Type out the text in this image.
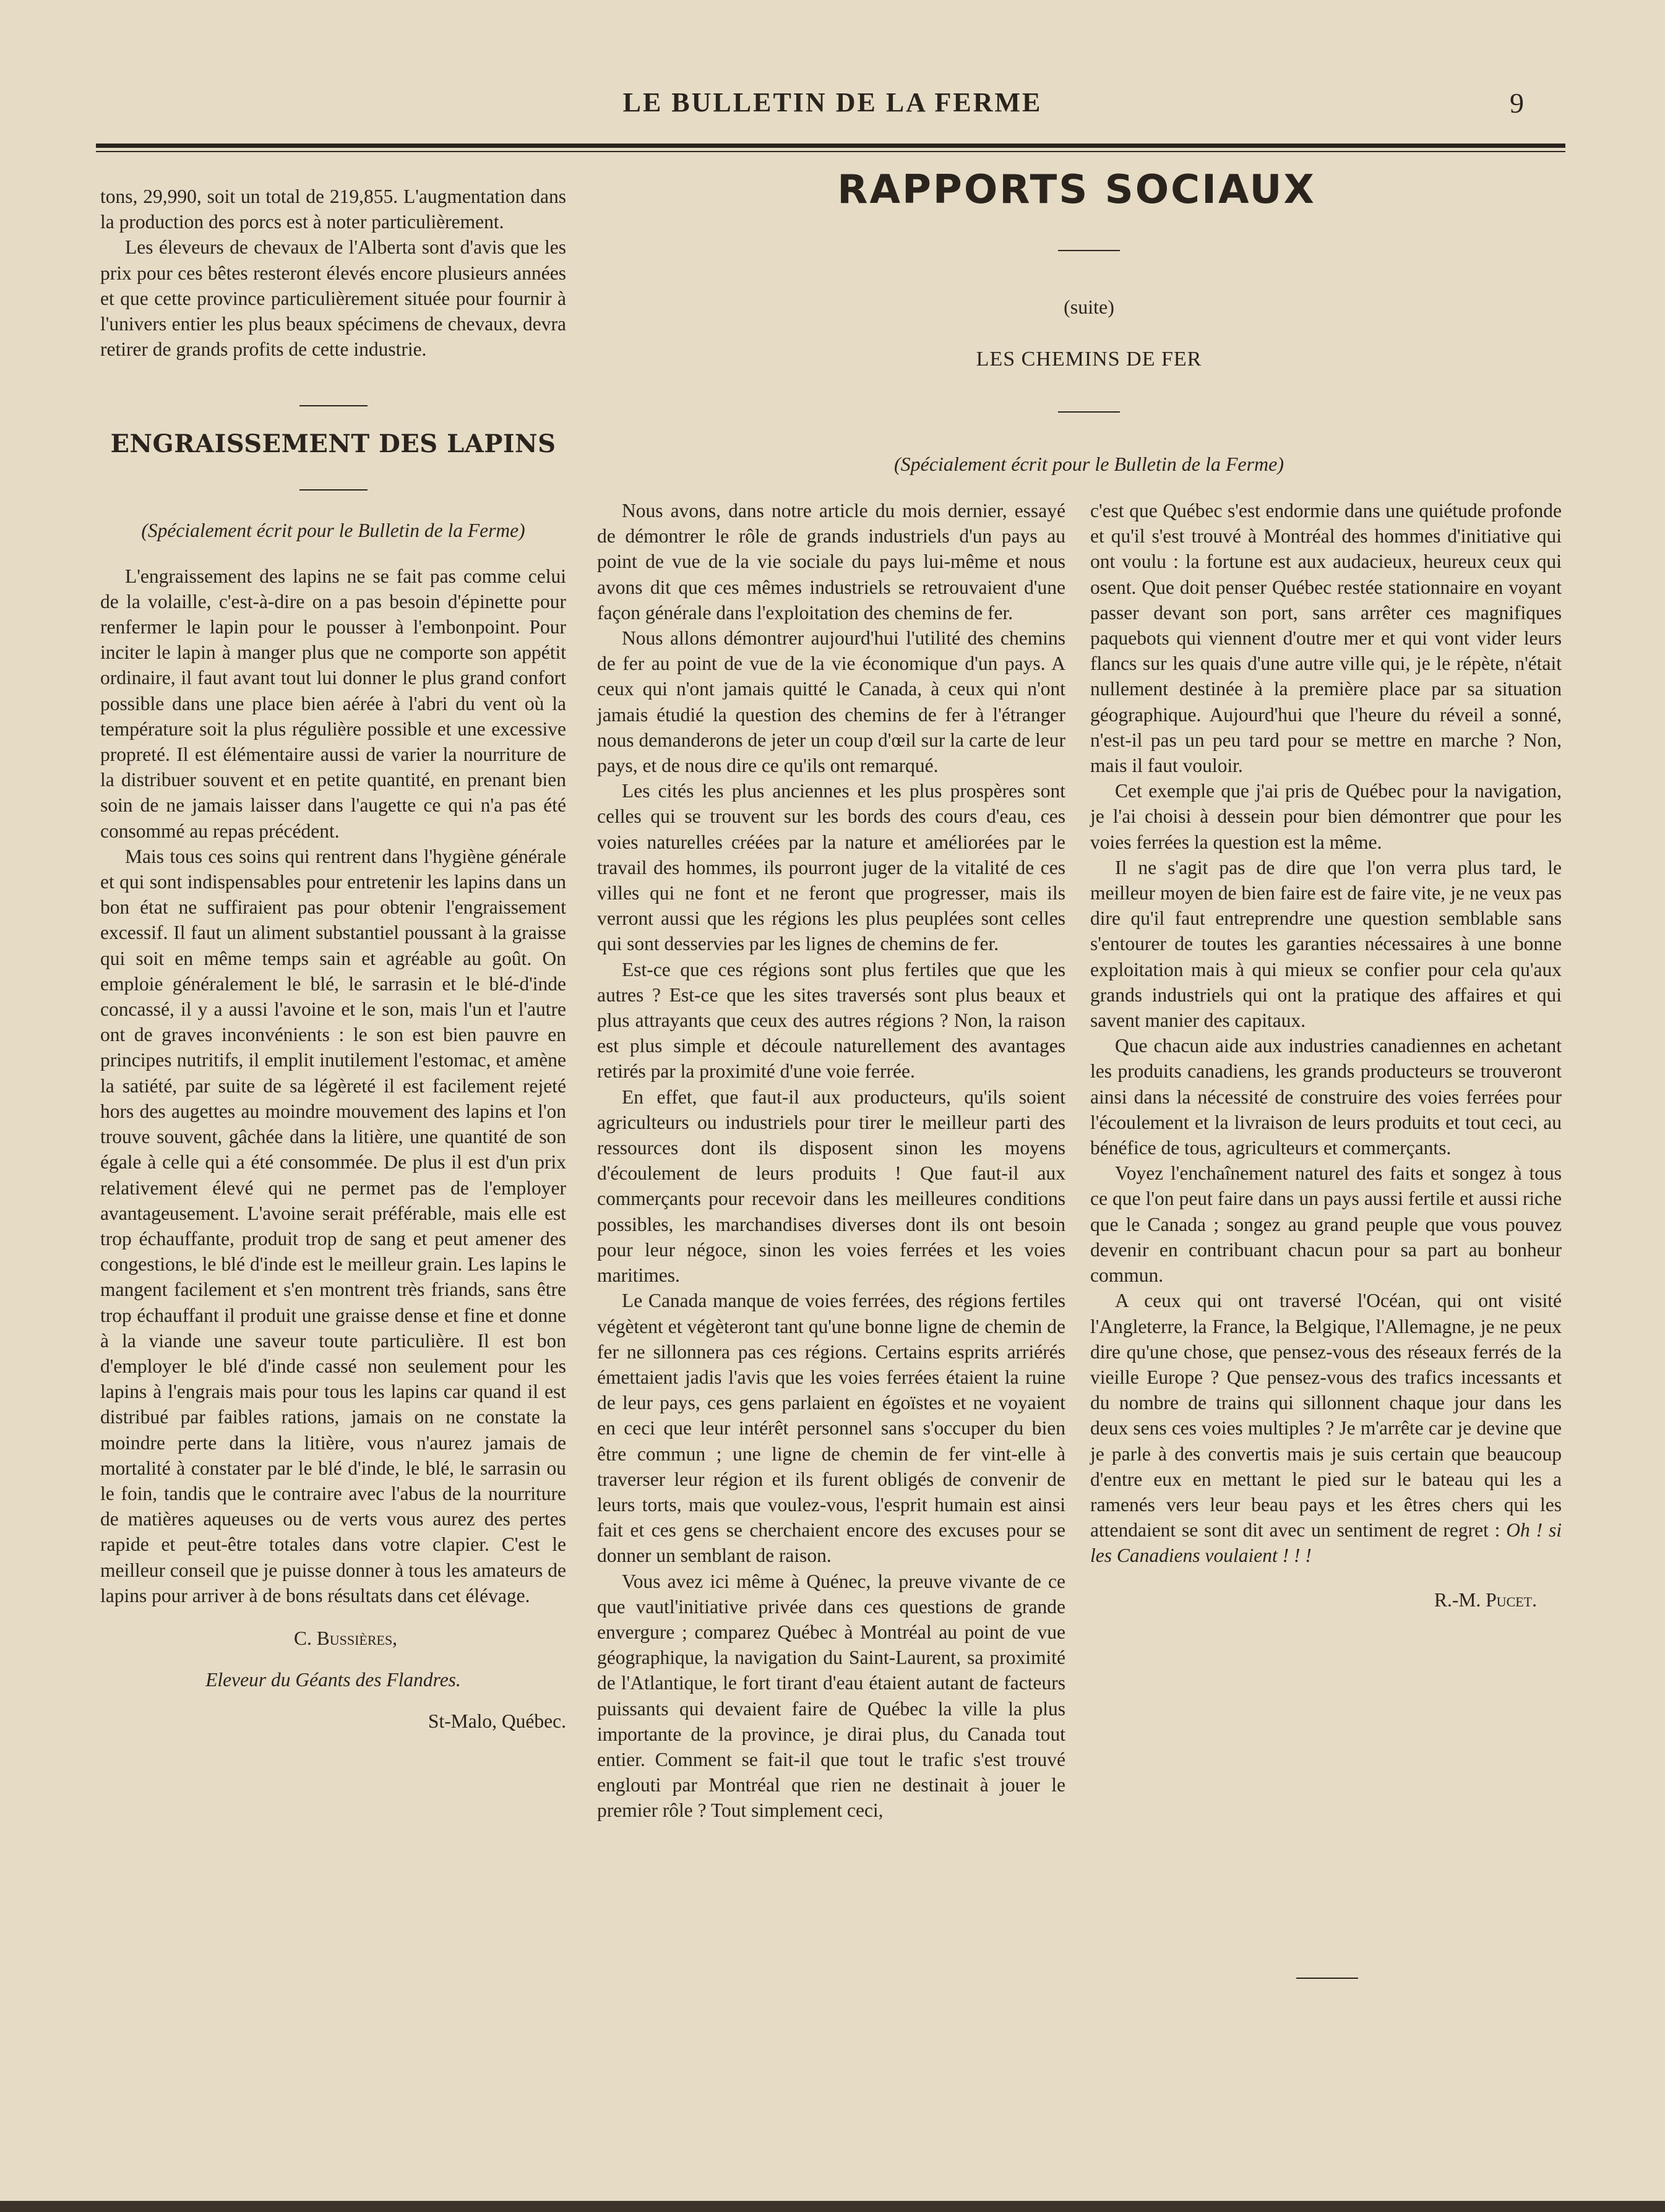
LE BULLETIN DE LA FERME	9

tons, 29,990, soit un total de 219,855. L'augmentation dans la production des porcs est à noter particulièrement.

Les éleveurs de chevaux de l'Alberta sont d'avis que les prix pour ces bêtes resteront élevés encore plusieurs années et que cette province particulièrement située pour fournir à l'univers entier les plus beaux spécimens de chevaux, devra retirer de grands profits de cette industrie.

ENGRAISSEMENT DES LAPINS

(Spécialement écrit pour le Bulletin de la Ferme)

L'engraissement des lapins ne se fait pas comme celui de la volaille, c'est-à-dire on a pas besoin d'épinette pour renfermer le lapin pour le pousser à l'embonpoint. Pour inciter le lapin à manger plus que ne comporte son appétit ordinaire, il faut avant tout lui donner le plus grand confort possible dans une place bien aérée à l'abri du vent où la température soit la plus régulière possible et une excessive propreté. Il est élémentaire aussi de varier la nourriture de la distribuer souvent et en petite quantité, en prenant bien soin de ne jamais laisser dans l'augette ce qui n'a pas été consommé au repas précédent.

Mais tous ces soins qui rentrent dans l'hygiène générale et qui sont indispensables pour entretenir les lapins dans un bon état ne suffiraient pas pour obtenir l'engraissement excessif. Il faut un aliment substantiel poussant à la graisse qui soit en même temps sain et agréable au goût. On emploie généralement le blé, le sarrasin et le blé-d'inde concassé, il y a aussi l'avoine et le son, mais l'un et l'autre ont de graves inconvénients : le son est bien pauvre en principes nutritifs, il emplit inutilement l'estomac, et amène la satiété, par suite de sa légèreté il est facilement rejeté hors des augettes au moindre mouvement des lapins et l'on trouve souvent, gâchée dans la litière, une quantité de son égale à celle qui a été consommée. De plus il est d'un prix relativement élevé qui ne permet pas de l'employer avantageusement. L'avoine serait préférable, mais elle est trop échauffante, produit trop de sang et peut amener des congestions, le blé d'inde est le meilleur grain. Les lapins le mangent facilement et s'en montrent très friands, sans être trop échauffant il produit une graisse dense et fine et donne à la viande une saveur toute particulière. Il est bon d'employer le blé d'inde cassé non seulement pour les lapins à l'engrais mais pour tous les lapins car quand il est distribué par faibles rations, jamais on ne constate la moindre perte dans la litière, vous n'aurez jamais de mortalité à constater par le blé d'inde, le blé, le sarrasin ou le foin, tandis que le contraire avec l'abus de la nourriture de matières aqueuses ou de verts vous aurez des pertes rapide et peut-être totales dans votre clapier. C'est le meilleur conseil que je puisse donner à tous les amateurs de lapins pour arriver à de bons résultats dans cet élévage.

C. Bussières,

Eleveur du Géants des Flandres.

St-Malo, Québec.

RAPPORTS SOCIAUX
(suite)
LES CHEMINS DE FER
(Spécialement écrit pour le Bulletin de la Ferme)

Nous avons, dans notre article du mois dernier, essayé de démontrer le rôle de grands industriels d'un pays au point de vue de la vie sociale du pays lui-même et nous avons dit que ces mêmes industriels se retrouvaient d'une façon générale dans l'exploitation des chemins de fer.

Nous allons démontrer aujourd'hui l'utilité des chemins de fer au point de vue de la vie économique d'un pays. A ceux qui n'ont jamais quitté le Canada, à ceux qui n'ont jamais étudié la question des chemins de fer à l'étranger nous demanderons de jeter un coup d'œil sur la carte de leur pays, et de nous dire ce qu'ils ont remarqué.

Les cités les plus anciennes et les plus prospères sont celles qui se trouvent sur les bords des cours d'eau, ces voies naturelles créées par la nature et améliorées par le travail des hommes, ils pourront juger de la vitalité de ces villes qui ne font et ne feront que progresser, mais ils verront aussi que les régions les plus peuplées sont celles qui sont desservies par les lignes de chemins de fer.

Est-ce que ces régions sont plus fertiles que que les autres ? Est-ce que les sites traversés sont plus beaux et plus attrayants que ceux des autres régions ? Non, la raison est plus simple et découle naturellement des avantages retirés par la proximité d'une voie ferrée.

En effet, que faut-il aux producteurs, qu'ils soient agriculteurs ou industriels pour tirer le meilleur parti des ressources dont ils disposent sinon les moyens d'écoulement de leurs produits ! Que faut-il aux commerçants pour recevoir dans les meilleures conditions possibles, les marchandises diverses dont ils ont besoin pour leur négoce, sinon les voies ferrées et les voies maritimes.

Le Canada manque de voies ferrées, des régions fertiles végètent et végèteront tant qu'une bonne ligne de chemin de fer ne sillonnera pas ces régions. Certains esprits arriérés émettaient jadis l'avis que les voies ferrées étaient la ruine de leur pays, ces gens parlaient en égoïstes et ne voyaient en ceci que leur intérêt personnel sans s'occuper du bien être commun ; une ligne de chemin de fer vint-elle à traverser leur région et ils furent obligés de convenir de leurs torts, mais que voulez-vous, l'esprit humain est ainsi fait et ces gens se cherchaient encore des excuses pour se donner un semblant de raison.

Vous avez ici même à Quénec, la preuve vivante de ce que vautl'initiative privée dans ces questions de grande envergure ; comparez Québec à Montréal au point de vue géographique, la navigation du Saint-Laurent, sa proximité de l'Atlantique, le fort tirant d'eau étaient autant de facteurs puissants qui devaient faire de Québec la ville la plus importante de la province, je dirai plus, du Canada tout entier. Comment se fait-il que tout le trafic s'est trouvé englouti par Montréal que rien ne destinait à jouer le premier rôle ? Tout simplement ceci,

c'est que Québec s'est endormie dans une quiétude profonde et qu'il s'est trouvé à Montréal des hommes d'initiative qui ont voulu : la fortune est aux audacieux, heureux ceux qui osent. Que doit penser Québec restée stationnaire en voyant passer devant son port, sans arrêter ces magnifiques paquebots qui viennent d'outre mer et qui vont vider leurs flancs sur les quais d'une autre ville qui, je le répète, n'était nullement destinée à la première place par sa situation géographique. Aujourd'hui que l'heure du réveil a sonné, n'est-il pas un peu tard pour se mettre en marche ? Non, mais il faut vouloir.

Cet exemple que j'ai pris de Québec pour la navigation, je l'ai choisi à dessein pour bien démontrer que pour les voies ferrées la question est la même.

Il ne s'agit pas de dire que l'on verra plus tard, le meilleur moyen de bien faire est de faire vite, je ne veux pas dire qu'il faut entreprendre une question semblable sans s'entourer de toutes les garanties nécessaires à une bonne exploitation mais à qui mieux se confier pour cela qu'aux grands industriels qui ont la pratique des affaires et qui savent manier des capitaux.

Que chacun aide aux industries canadiennes en achetant les produits canadiens, les grands producteurs se trouveront ainsi dans la nécessité de construire des voies ferrées pour l'écoulement et la livraison de leurs produits et tout ceci, au bénéfice de tous, agriculteurs et commerçants.

Voyez l'enchaînement naturel des faits et songez à tous ce que l'on peut faire dans un pays aussi fertile et aussi riche que le Canada ; songez au grand peuple que vous pouvez devenir en contribuant chacun pour sa part au bonheur commun.

A ceux qui ont traversé l'Océan, qui ont visité l'Angleterre, la France, la Belgique, l'Allemagne, je ne peux dire qu'une chose, que pensez-vous des réseaux ferrés de la vieille Europe ? Que pensez-vous des trafics incessants et du nombre de trains qui sillonnent chaque jour dans les deux sens ces voies multiples ? Je m'arrête car je devine que je parle à des convertis mais je suis certain que beaucoup d'entre eux en mettant le pied sur le bateau qui les a ramenés vers leur beau pays et les êtres chers qui les attendaient se sont dit avec un sentiment de regret : Oh ! si les Canadiens voulaient ! ! !

R.-M. Pucet.
